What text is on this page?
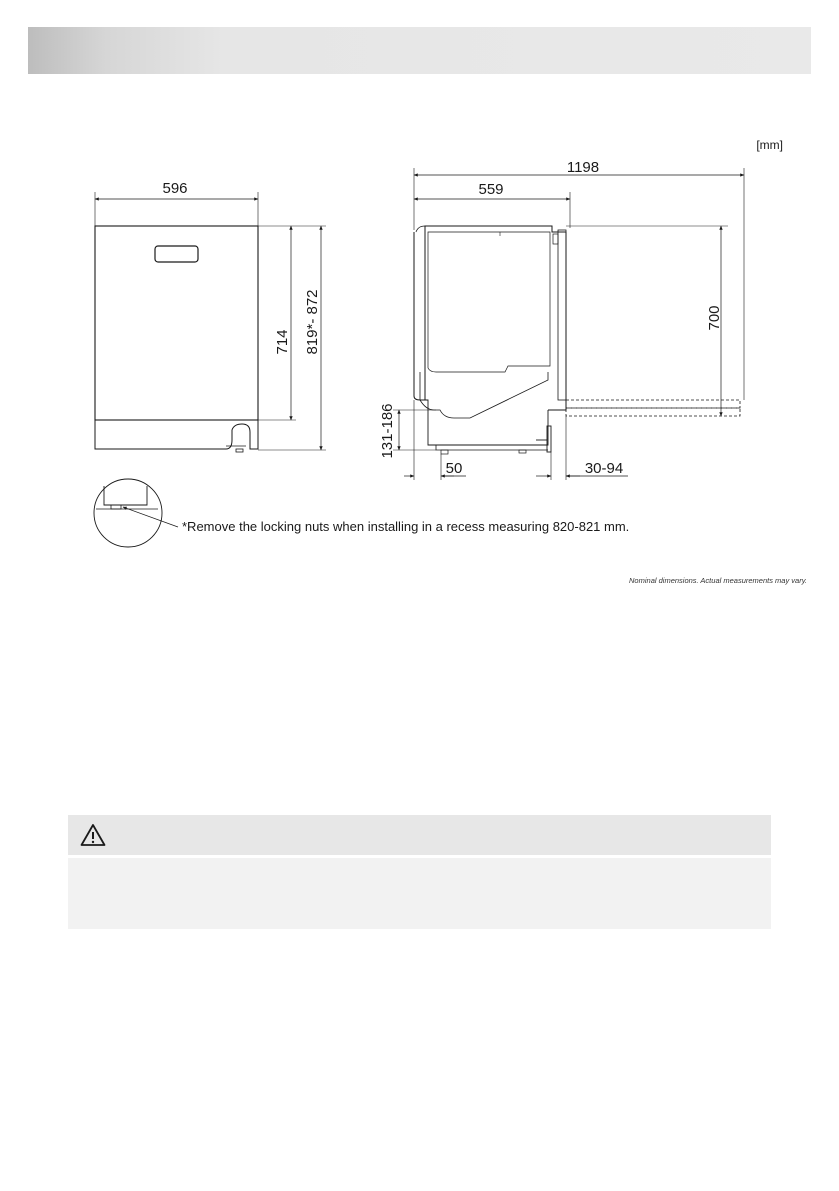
[mm]
596
714 819*- 872
*Remove the locking nuts when installing in a recess measuring 820-821 mm.
1198
559
700
131-186
50	30-94
Nominal dimensions. Actual measurements may vary.
